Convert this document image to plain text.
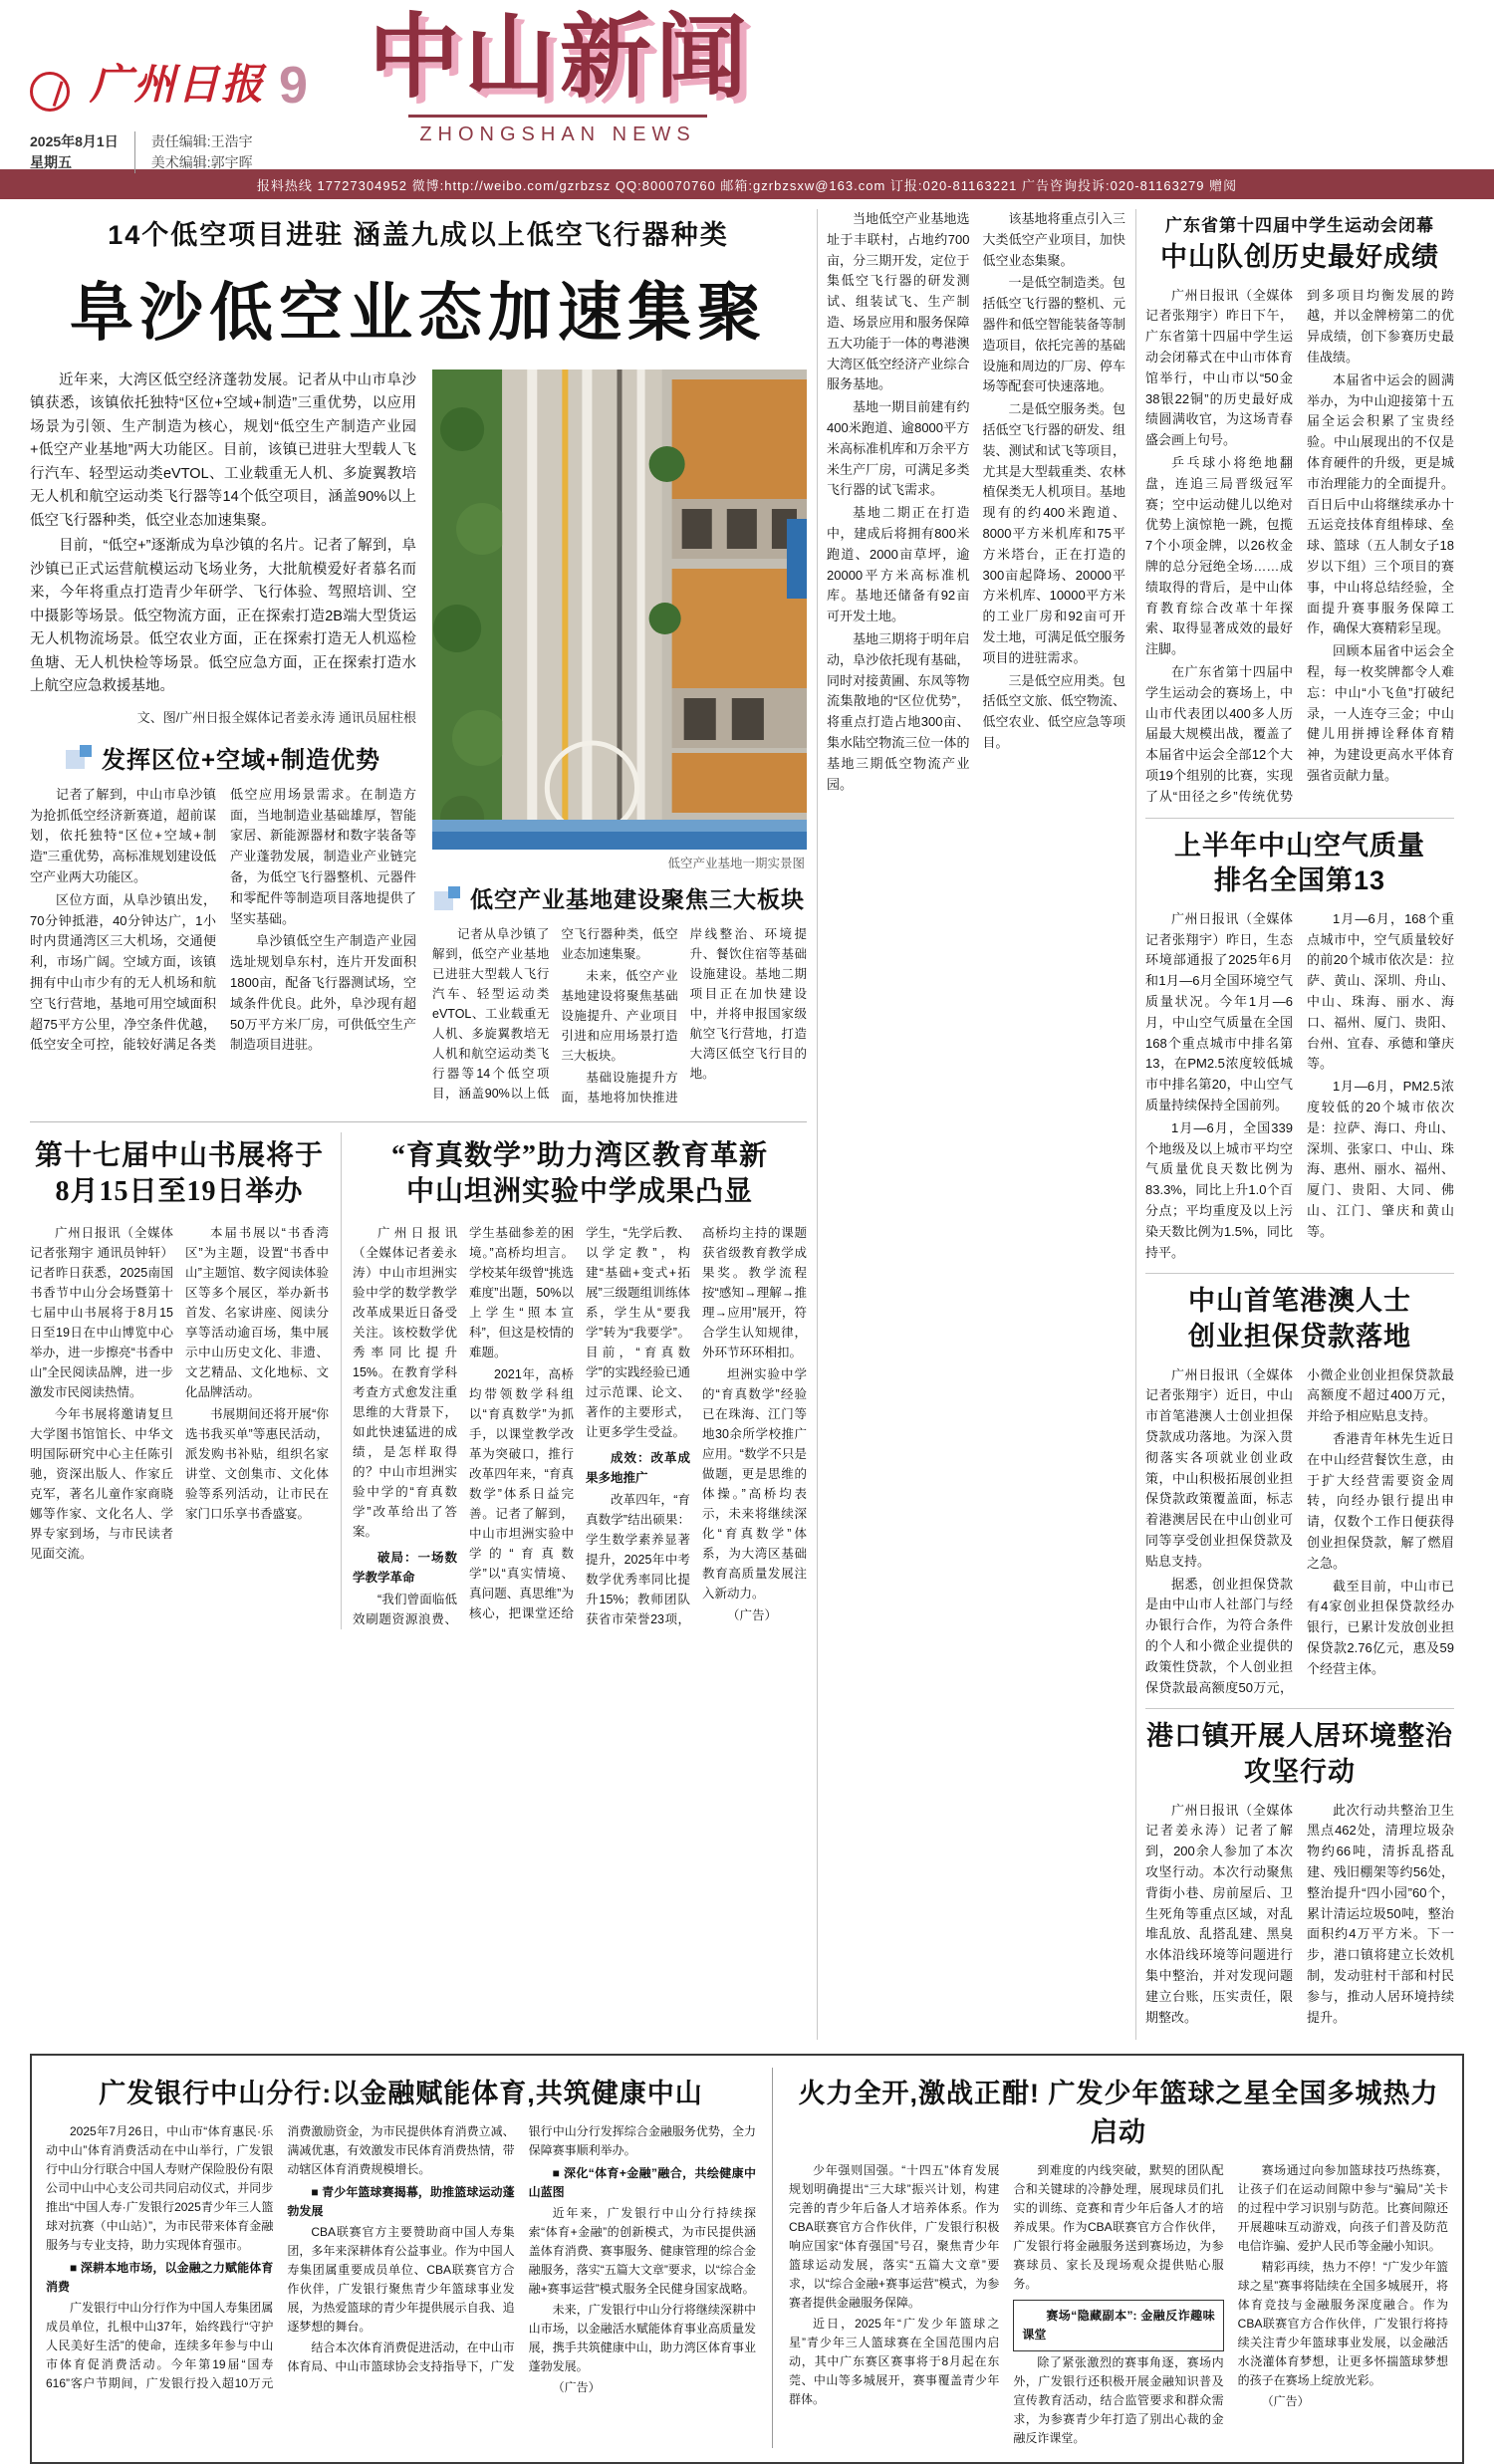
广州日报 9
2025年8月1日
星期五
责任编辑:王浩宇
美术编辑:郭宇晖
中山新闻
ZHONGSHAN NEWS
报料热线 17727304952 微博:http://weibo.com/gzrbzsz QQ:800070760 邮箱:gzrbzsxw@163.com 订报:020-81163221 广告咨询投诉:020-81163279 赠阅
14个低空项目进驻 涵盖九成以上低空飞行器种类
阜沙低空业态加速集聚

近年来，大湾区低空经济蓬勃发展。记者从中山市阜沙镇获悉，该镇依托独特“区位+空域+制造”三重优势，以应用场景为引领、生产制造为核心，规划“低空生产制造产业园+低空产业基地”两大功能区。目前，该镇已进驻大型载人飞行汽车、轻型运动类eVTOL、工业载重无人机、多旋翼教培无人机和航空运动类飞行器等14个低空项目，涵盖90%以上低空飞行器种类，低空业态加速集聚。

目前，“低空+”逐渐成为阜沙镇的名片。记者了解到，阜沙镇已正式运营航模运动飞场业务，大批航模爱好者慕名而来，今年将重点打造青少年研学、飞行体验、驾照培训、空中摄影等场景。低空物流方面，正在探索打造2B端大型货运无人机物流场景。低空农业方面，正在探索打造无人机巡检鱼塘、无人机快检等场景。低空应急方面，正在探索打造水上航空应急救援基地。

文、图/广州日报全媒体记者姜永涛 通讯员屈柱根
发挥区位+空域+制造优势

记者了解到，中山市阜沙镇为抢抓低空经济新赛道，超前谋划，依托独特“区位+空域+制造”三重优势，高标准规划建设低空产业两大功能区。

区位方面，从阜沙镇出发，70分钟抵港，40分钟达广，1小时内贯通湾区三大机场，交通便利，市场广阔。空域方面，该镇拥有中山市少有的无人机场和航空飞行营地，基地可用空域面积超75平方公里，净空条件优越，低空安全可控，能较好满足各类低空应用场景需求。在制造方面，当地制造业基础雄厚，智能家居、新能源器材和数字装备等产业蓬勃发展，制造业产业链完备，为低空飞行器整机、元器件和零配件等制造项目落地提供了坚实基础。

阜沙镇低空生产制造产业园选址规划阜东村，连片开发面积1800亩，配备飞行器测试场，空域条件优良。此外，阜沙现有超50万平方米厂房，可供低空生产制造项目进驻。

低空产业基地一期实景图
低空产业基地建设聚焦三大板块

记者从阜沙镇了解到，低空产业基地已进驻大型载人飞行汽车、轻型运动类eVTOL、工业载重无人机、多旋翼教培无人机和航空运动类飞行器等14个低空项目，涵盖90%以上低空飞行器种类，低空业态加速集聚。

未来，低空产业基地建设将聚焦基础设施提升、产业项目引进和应用场景打造三大板块。

基础设施提升方面，基地将加快推进岸线整治、环境提升、餐饮住宿等基础设施建设。基地二期项目正在加快建设中，并将申报国家级航空飞行营地，打造大湾区低空飞行目的地。

第十七届中山书展将于
8月15日至19日举办

广州日报讯（全媒体记者张翔宇 通讯员钟轩）记者昨日获悉，2025南国书香节中山分会场暨第十七届中山书展将于8月15日至19日在中山博览中心举办，进一步擦亮“书香中山”全民阅读品牌，进一步激发市民阅读热情。

今年书展将邀请复旦大学图书馆馆长、中华文明国际研究中心主任陈引驰，资深出版人、作家丘克军，著名儿童作家商晓娜等作家、文化名人、学界专家到场，与市民读者见面交流。

本届书展以“书香湾区”为主题，设置“书香中山”主题馆、数字阅读体验区等多个展区，举办新书首发、名家讲座、阅读分享等活动逾百场，集中展示中山历史文化、非遗、文艺精品、文化地标、文化品牌活动。

书展期间还将开展“你选书我买单”等惠民活动，派发购书补贴，组织名家讲堂、文创集市、文化体验等系列活动，让市民在家门口乐享书香盛宴。

“育真数学”助力湾区教育革新
中山坦洲实验中学成果凸显

广州日报讯（全媒体记者姜永涛）中山市坦洲实验中学的数学教学改革成果近日备受关注。该校数学优秀率同比提升15%。在教育学科考查方式愈发注重思维的大背景下，如此快速猛进的成绩，是怎样取得的？中山市坦洲实验中学的“育真数学”改革给出了答案。

破局：一场数学教学革命

“我们曾面临低效刷题资源浪费、学生基础参差的困境。”高桥均坦言。学校某年级曾“挑选难度”出题，50%以上学生“照本宣科”，但这是校情的难题。

2021年，高桥均带领数学科组以“育真数学”为抓手，以课堂教学改革为突破口，推行改革四年来，“育真数学”体系日益完善。记者了解到，中山市坦洲实验中学的“育真数学”以“真实情境、真问题、真思维”为核心，把课堂还给学生，“先学后教、以学定教”，构建“基础+变式+拓展”三级题组训练体系，学生从“要我学”转为“我要学”。目前，“育真数学”的实践经验已通过示范课、论文、著作的主要形式，让更多学生受益。

成效：改革成果多地推广

改革四年，“育真数学”结出硕果：学生数学素养显著提升，2025年中考数学优秀率同比提升15%；教师团队获省市荣誉23项，高桥均主持的课题获省级教育教学成果奖。教学流程按“感知→理解→推理→应用”展开，符合学生认知规律，外环节环环相扣。

坦洲实验中学的“育真数学”经验已在珠海、江门等地30余所学校推广应用。“数学不只是做题，更是思维的体操。”高桥均表示，未来将继续深化“育真数学”体系，为大湾区基础教育高质量发展注入新动力。

（广告）

当地低空产业基地选址于丰联村，占地约700亩，分三期开发，定位于集低空飞行器的研发测试、组装试飞、生产制造、场景应用和服务保障五大功能于一体的粤港澳大湾区低空经济产业综合服务基地。

基地一期目前建有约400米跑道、逾8000平方米高标准机库和万余平方米生产厂房，可满足多类飞行器的试飞需求。

基地二期正在打造中，建成后将拥有800米跑道、2000亩草坪，逾20000平方米高标准机库。基地还储备有92亩可开发土地。

基地三期将于明年启动，阜沙依托现有基础，同时对接黄圃、东凤等物流集散地的“区位优势”，将重点打造占地300亩、集水陆空物流三位一体的基地三期低空物流产业园。

该基地将重点引入三大类低空产业项目，加快低空业态集聚。

一是低空制造类。包括低空飞行器的整机、元器件和低空智能装备等制造项目，依托完善的基础设施和周边的厂房、停车场等配套可快速落地。

二是低空服务类。包括低空飞行器的研发、组装、测试和试飞等项目，尤其是大型载重类、农林植保类无人机项目。基地现有的约400米跑道、8000平方米机库和75平方米塔台，正在打造的300亩起降场、20000平方米机库、10000平方米的工业厂房和92亩可开发土地，可满足低空服务项目的进驻需求。

三是低空应用类。包括低空文旅、低空物流、低空农业、低空应急等项目。

广东省第十四届中学生运动会闭幕
中山队创历史最好成绩

广州日报讯（全媒体记者张翔宇）昨日下午，广东省第十四届中学生运动会闭幕式在中山市体育馆举行，中山市以“50金38银22铜”的历史最好成绩圆满收官，为这场青春盛会画上句号。

乒乓球小将绝地翻盘，连追三局晋级冠军赛；空中运动健儿以绝对优势上演惊艳一跳，包揽7个小项金牌，以26枚金牌的总分冠绝全场……成绩取得的背后，是中山体育教育综合改革十年探索、取得显著成效的最好注脚。

在广东省第十四届中学生运动会的赛场上，中山市代表团以400多人历届最大规模出战，覆盖了本届省中运会全部12个大项19个组别的比赛，实现了从“田径之乡”传统优势到多项目均衡发展的跨越，并以金牌榜第二的优异成绩，创下参赛历史最佳战绩。

本届省中运会的圆满举办，为中山迎接第十五届全运会积累了宝贵经验。中山展现出的不仅是体育硬件的升级，更是城市治理能力的全面提升。百日后中山将继续承办十五运竞技体育组棒球、垒球、篮球（五人制女子18岁以下组）三个项目的赛事，中山将总结经验，全面提升赛事服务保障工作，确保大赛精彩呈现。

回顾本届省中运会全程，每一枚奖牌都令人难忘：中山“小飞鱼”打破纪录，一人连夺三金；中山健儿用拼搏诠释体育精神，为建设更高水平体育强省贡献力量。

上半年中山空气质量
排名全国第13

广州日报讯（全媒体记者张翔宇）昨日，生态环境部通报了2025年6月和1月—6月全国环境空气质量状况。今年1月—6月，中山空气质量在全国168个重点城市中排名第13，在PM2.5浓度较低城市中排名第20，中山空气质量持续保持全国前列。

1月—6月，全国339个地级及以上城市平均空气质量优良天数比例为83.3%，同比上升1.0个百分点；平均重度及以上污染天数比例为1.5%，同比持平。

1月—6月，168个重点城市中，空气质量较好的前20个城市依次是：拉萨、黄山、深圳、舟山、中山、珠海、丽水、海口、福州、厦门、贵阳、台州、宜春、承德和肇庆等。

1月—6月，PM2.5浓度较低的20个城市依次是：拉萨、海口、舟山、深圳、张家口、中山、珠海、惠州、丽水、福州、厦门、贵阳、大同、佛山、江门、肇庆和黄山等。

中山首笔港澳人士
创业担保贷款落地

广州日报讯（全媒体记者张翔宇）近日，中山市首笔港澳人士创业担保贷款成功落地。为深入贯彻落实各项就业创业政策，中山积极拓展创业担保贷款政策覆盖面，标志着港澳居民在中山创业可同等享受创业担保贷款及贴息支持。

据悉，创业担保贷款是由中山市人社部门与经办银行合作，为符合条件的个人和小微企业提供的政策性贷款，个人创业担保贷款最高额度50万元，小微企业创业担保贷款最高额度不超过400万元，并给予相应贴息支持。

香港青年林先生近日在中山经营餐饮生意，由于扩大经营需要资金周转，向经办银行提出申请，仅数个工作日便获得创业担保贷款，解了燃眉之急。

截至目前，中山市已有4家创业担保贷款经办银行，已累计发放创业担保贷款2.76亿元，惠及59个经营主体。

港口镇开展人居环境整治
攻坚行动

广州日报讯（全媒体记者姜永涛）记者了解到，200余人参加了本次攻坚行动。本次行动聚焦背街小巷、房前屋后、卫生死角等重点区域，对乱堆乱放、乱搭乱建、黑臭水体沿线环境等问题进行集中整治，并对发现问题建立台账，压实责任，限期整改。

此次行动共整治卫生黑点462处，清理垃圾杂物约66吨，清拆乱搭乱建、残旧棚架等约56处，整治提升“四小园”60个，累计清运垃圾50吨，整治面积约4万平方米。下一步，港口镇将建立长效机制，发动驻村干部和村民参与，推动人居环境持续提升。

广发银行中山分行:以金融赋能体育,共筑健康中山

2025年7月26日，中山市“体育惠民·乐动中山”体育消费活动在中山举行，广发银行中山分行联合中国人寿财产保险股份有限公司中山中心支公司共同启动仪式，并同步推出“中国人寿·广发银行2025青少年三人篮球对抗赛（中山站）”，为市民带来体育金融服务与专业支持，助力实现体育强市。

■ 深耕本地市场，以金融之力赋能体育消费

广发银行中山分行作为中国人寿集团属成员单位，扎根中山37年，始终践行“守护人民美好生活”的使命，连续多年参与中山市体育促消费活动。今年第19届“国寿616”客户节期间，广发银行投入超10万元消费激励资金，为市民提供体育消费立减、满减优惠，有效激发市民体育消费热情，带动辖区体育消费规模增长。

■ 青少年篮球赛揭幕，助推篮球运动蓬勃发展

CBA联赛官方主要赞助商中国人寿集团，多年来深耕体育公益事业。作为中国人寿集团属重要成员单位、CBA联赛官方合作伙伴，广发银行聚焦青少年篮球事业发展，为热爱篮球的青少年提供展示自我、追逐梦想的舞台。

结合本次体育消费促进活动，在中山市体育局、中山市篮球协会支持指导下，广发银行中山分行发挥综合金融服务优势，全力保障赛事顺利举办。

■ 深化“体育+金融”融合，共绘健康中山蓝图

近年来，广发银行中山分行持续探索“体育+金融”的创新模式，为市民提供涵盖体育消费、赛事服务、健康管理的综合金融服务，落实“五篇大文章”要求，以“综合金融+赛事运营”模式服务全民健身国家战略。

未来，广发银行中山分行将继续深耕中山市场，以金融活水赋能体育事业高质量发展，携手共筑健康中山，助力湾区体育事业蓬勃发展。

（广告）

火力全开,激战正酣! 广发少年篮球之星全国多城热力启动

少年强则国强。“十四五”体育发展规划明确提出“三大球”振兴计划，构建完善的青少年后备人才培养体系。作为CBA联赛官方合作伙伴，广发银行积极响应国家“体育强国”号召，聚焦青少年篮球运动发展，落实“五篇大文章”要求，以“综合金融+赛事运营”模式，为参赛者提供金融服务保障。

近日，2025年“广发少年篮球之星”青少年三人篮球赛在全国范围内启动，其中广东赛区赛事将于8月起在东莞、中山等多城展开，赛事覆盖青少年群体。

到难度的内线突破，默契的团队配合和关键球的冷静处理，展现球员们扎实的训练、竞赛和青少年后备人才的培养成果。作为CBA联赛官方合作伙伴，广发银行将金融服务送到赛场边，为参赛球员、家长及现场观众提供贴心服务。

赛场“隐藏副本”: 金融反诈趣味课堂

除了紧张激烈的赛事角逐，赛场内外，广发银行还积极开展金融知识普及宣传教育活动，结合监管要求和群众需求，为参赛青少年打造了别出心裁的金融反诈课堂。

赛场通过向参加篮球技巧热练赛，让孩子们在运动间隙中参与“骗局”关卡的过程中学习识别与防范。比赛间隙还开展趣味互动游戏，向孩子们普及防范电信诈骗、爱护人民币等金融小知识。

精彩再续，热力不停！“广发少年篮球之星”赛事将陆续在全国多城展开，将体育竞技与金融服务深度融合。作为CBA联赛官方合作伙伴，广发银行将持续关注青少年篮球事业发展，以金融活水浇灌体育梦想，让更多怀揣篮球梦想的孩子在赛场上绽放光彩。

（广告）
